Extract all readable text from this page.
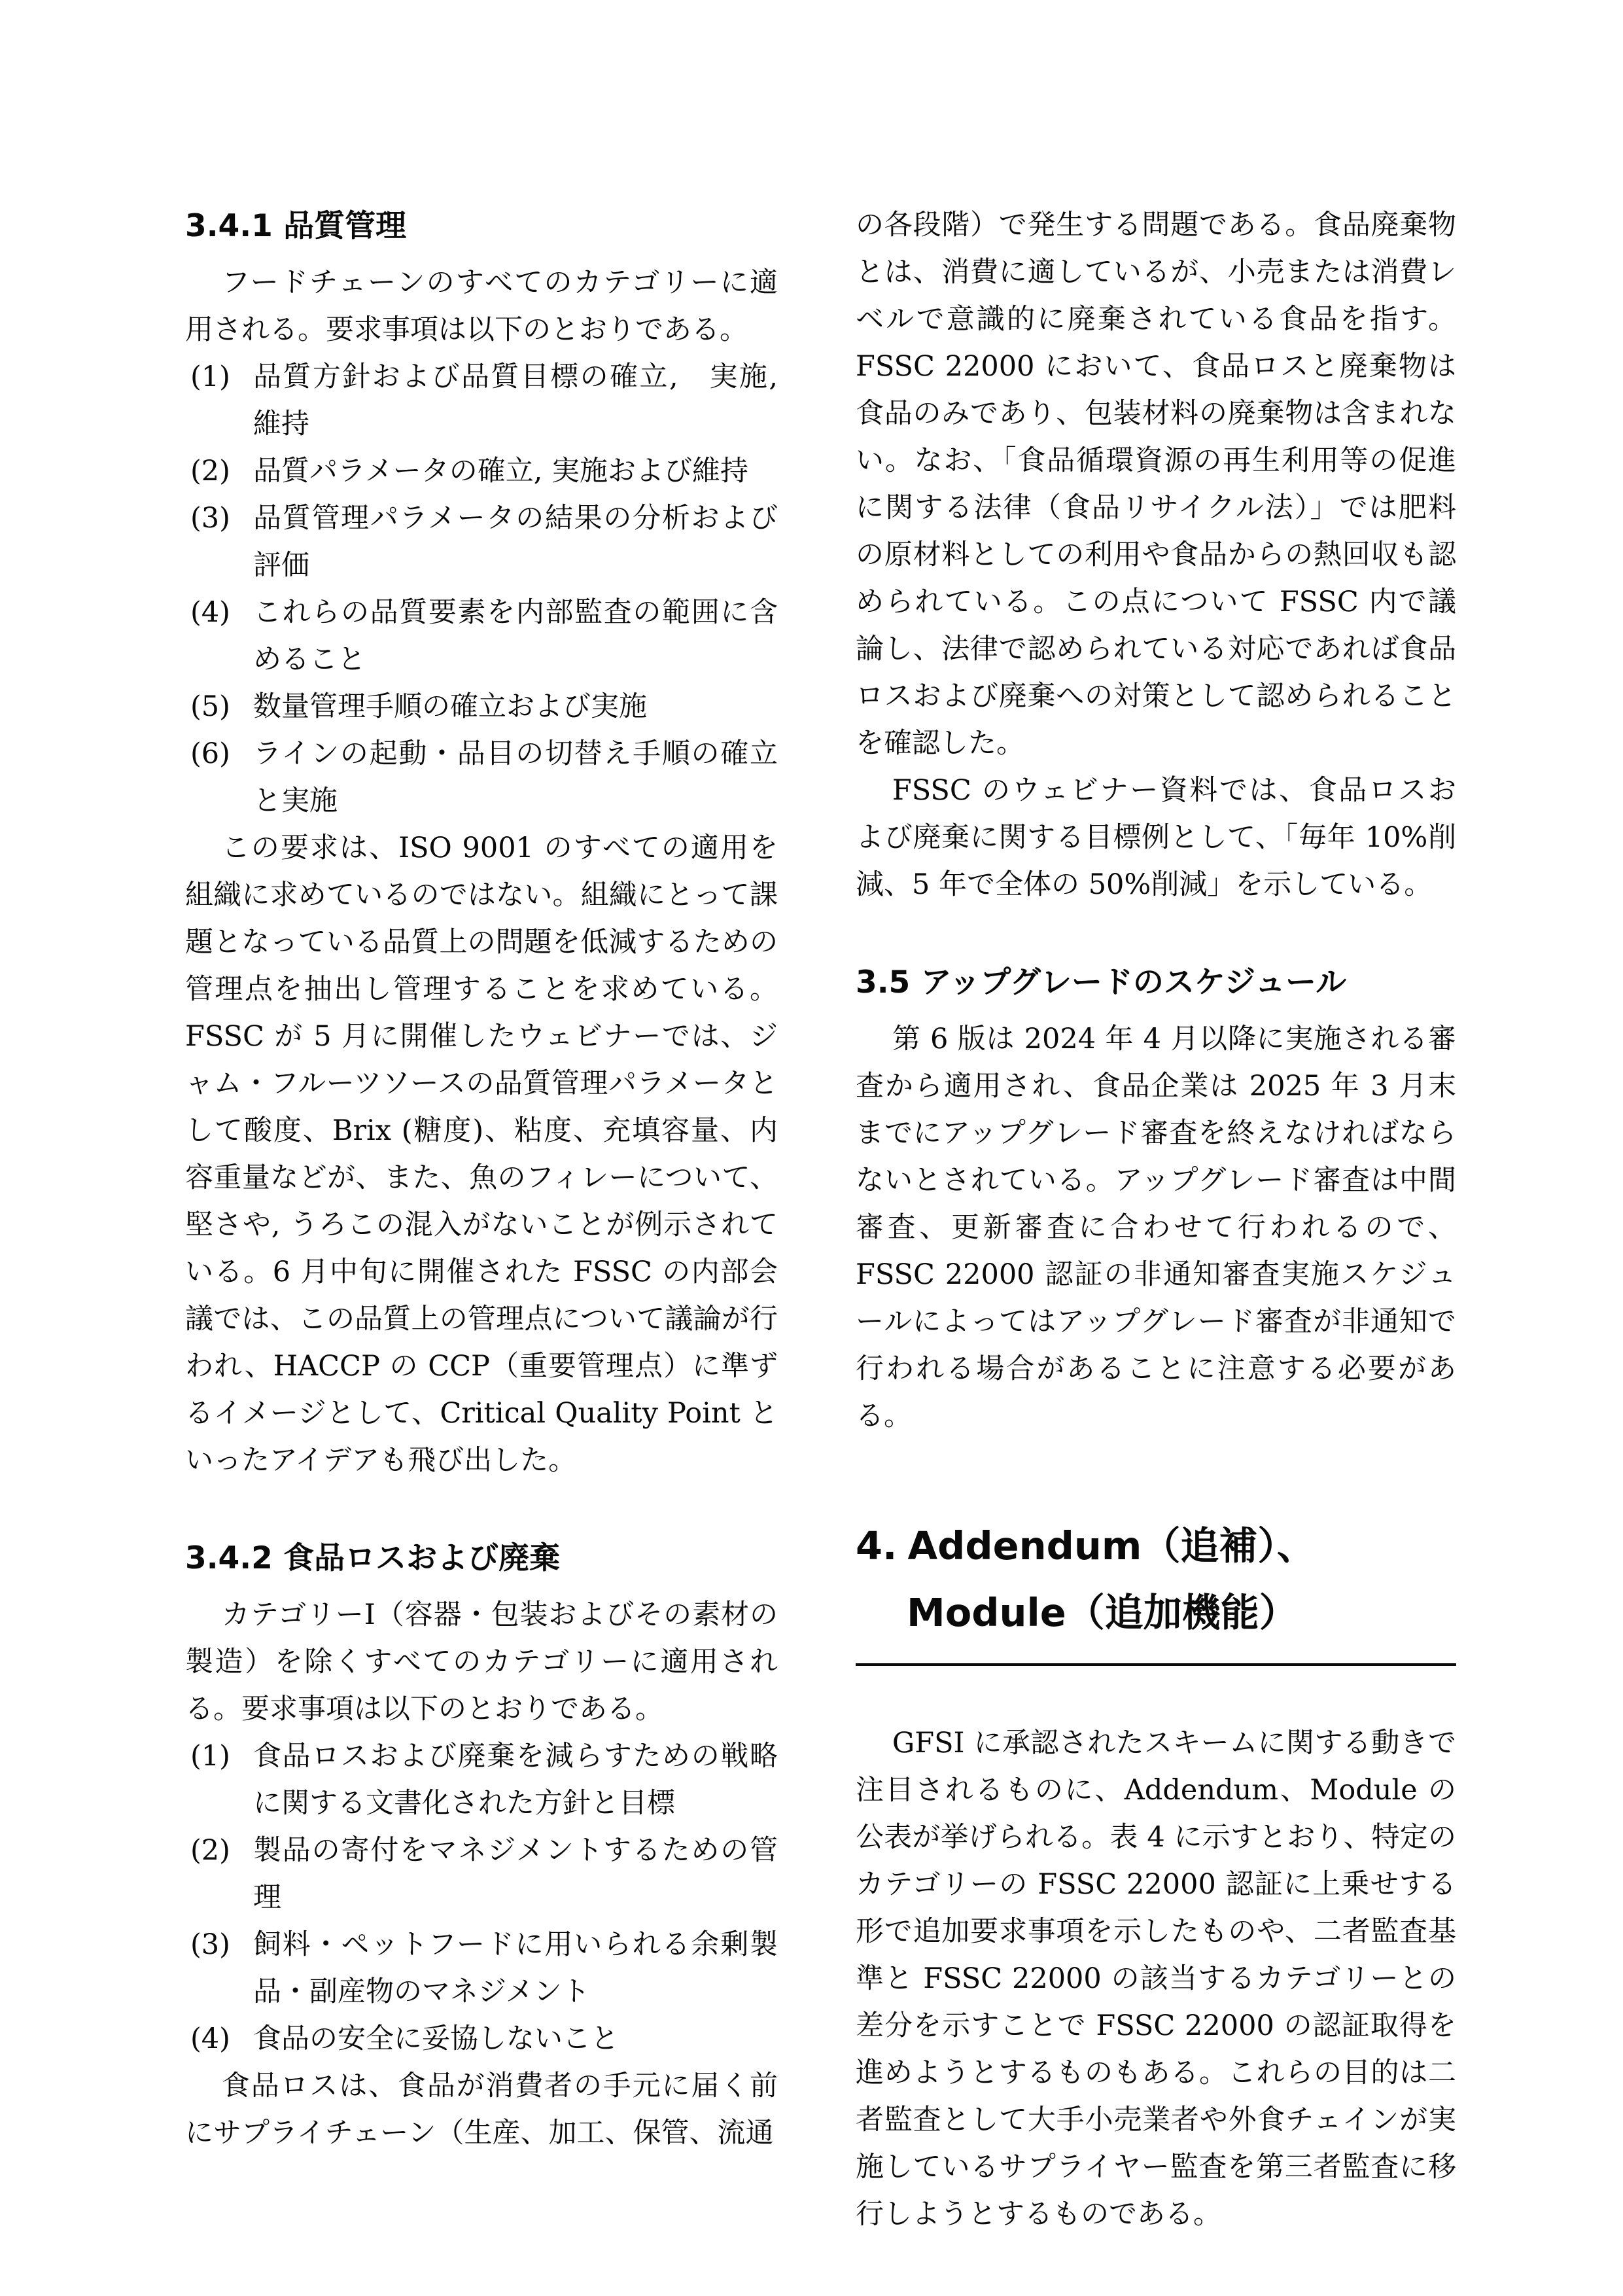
3.4.1 品質管理
フードチェーンのすべてのカテゴリーに適用される。要求事項は以下のとおりである。
(1) 品質方針および品質目標の確立,　実施, 維持
(2) 品質パラメータの確立, 実施および維持
(3) 品質管理パラメータの結果の分析および評価
(4) これらの品質要素を内部監査の範囲に含めること
(5) 数量管理手順の確立および実施
(6) ラインの起動・品目の切替え手順の確立と実施
この要求は、ISO 9001 のすべての適用を組織に求めているのではない。組織にとって課題となっている品質上の問題を低減するための管理点を抽出し管理することを求めている。FSSC が 5 月に開催したウェビナーでは、ジャム・フルーツソースの品質管理パラメータとして酸度、Brix (糖度)、粘度、充填容量、内容重量などが、また、魚のフィレーについて、堅さや, うろこの混入がないことが例示されている。6 月中旬に開催された FSSC の内部会議では、この品質上の管理点について議論が行われ、HACCP の CCP（重要管理点）に準ずるイメージとして、Critical Quality Point といったアイデアも飛び出した。
3.4.2 食品ロスおよび廃棄
カテゴリーI（容器・包装およびその素材の製造）を除くすべてのカテゴリーに適用される。要求事項は以下のとおりである。
(1) 食品ロスおよび廃棄を減らすための戦略に関する文書化された方針と目標
(2) 製品の寄付をマネジメントするための管理
(3) 飼料・ペットフードに用いられる余剰製品・副産物のマネジメント
(4) 食品の安全に妥協しないこと
食品ロスは、食品が消費者の手元に届く前にサプライチェーン（生産、加工、保管、流通
の各段階）で発生する問題である。食品廃棄物とは、消費に適しているが、小売または消費レベルで意識的に廃棄されている食品を指す。FSSC 22000 において、食品ロスと廃棄物は食品のみであり、包装材料の廃棄物は含まれない。なお、「食品循環資源の再生利用等の促進に関する法律（食品リサイクル法）」では肥料の原材料としての利用や食品からの熱回収も認められている。この点について FSSC 内で議論し、法律で認められている対応であれば食品ロスおよび廃棄への対策として認められることを確認した。
FSSC のウェビナー資料では、食品ロスおよび廃棄に関する目標例として、「毎年 10%削減、5 年で全体の 50%削減」を示している。
3.5 アップグレードのスケジュール
第 6 版は 2024 年 4 月以降に実施される審査から適用され、食品企業は 2025 年 3 月末までにアップグレード審査を終えなければならないとされている。アップグレード審査は中間審査、更新審査に合わせて行われるので、FSSC 22000 認証の非通知審査実施スケジュールによってはアップグレード審査が非通知で行われる場合があることに注意する必要がある。
4. Addendum（追補）、Module（追加機能）
GFSI に承認されたスキームに関する動きで注目されるものに、Addendum、Module の公表が挙げられる。表 4 に示すとおり、特定のカテゴリーの FSSC 22000 認証に上乗せする形で追加要求事項を示したものや、二者監査基準と FSSC 22000 の該当するカテゴリーとの差分を示すことで FSSC 22000 の認証取得を進めようとするものもある。これらの目的は二者監査として大手小売業者や外食チェインが実施しているサプライヤー監査を第三者監査に移行しようとするものである。
